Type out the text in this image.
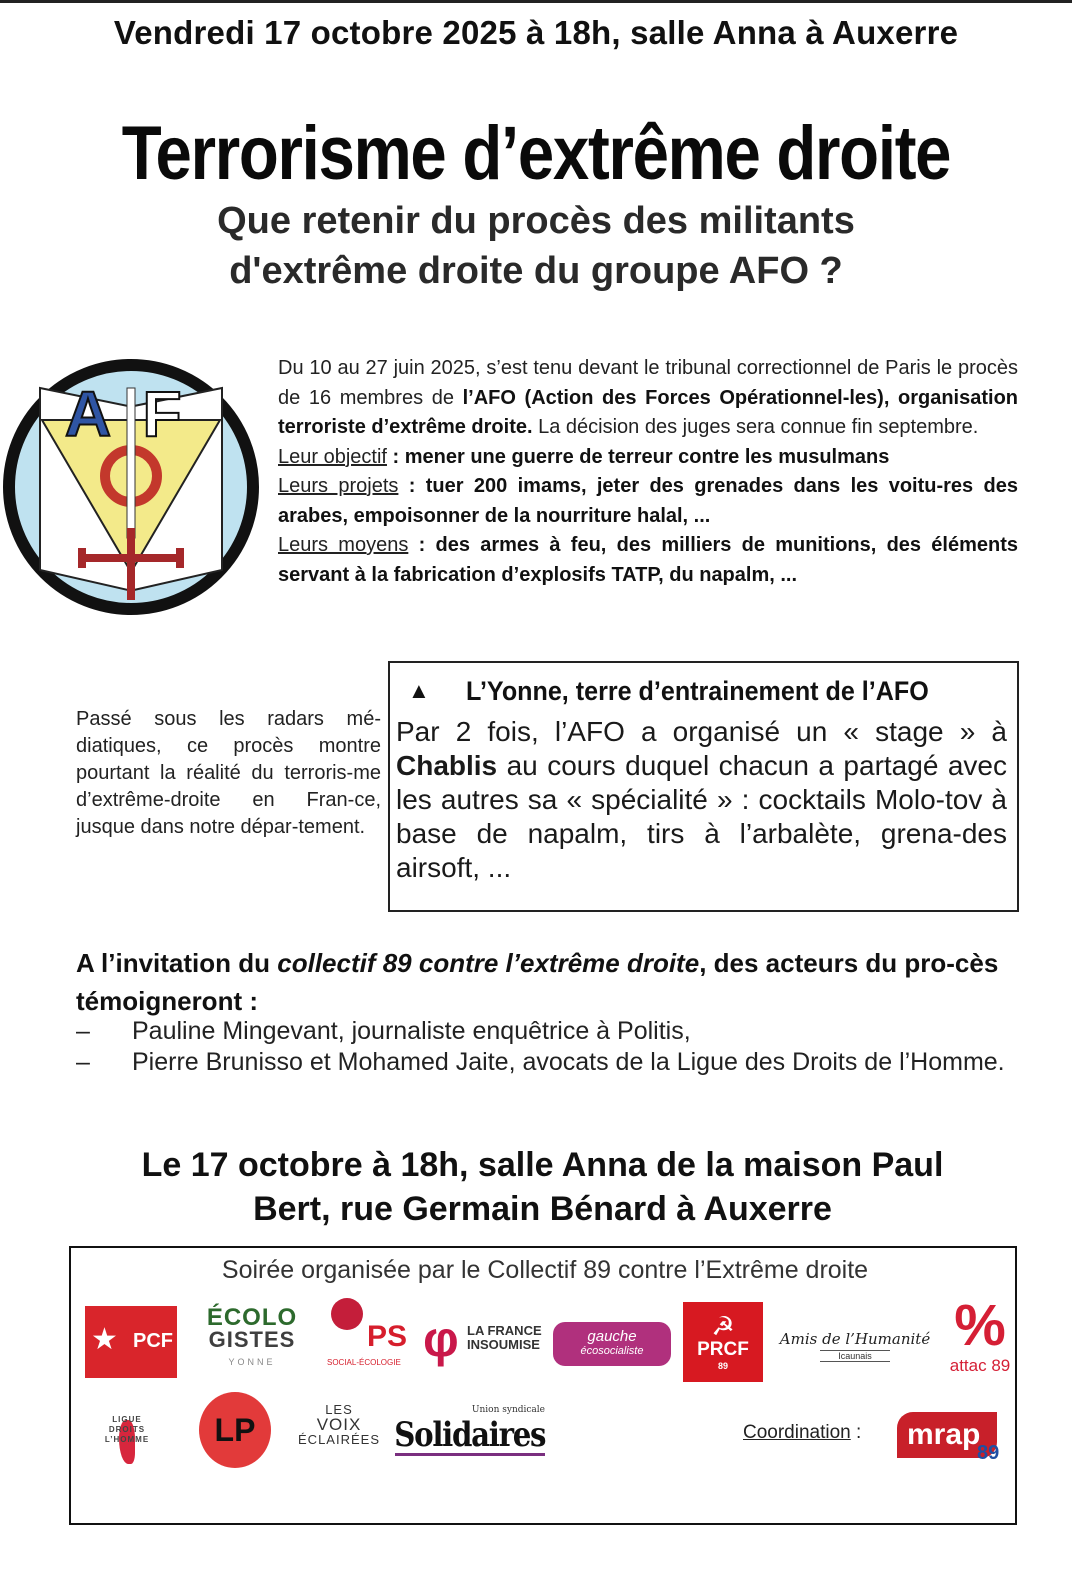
Vendredi 17 octobre 2025 à 18h, salle Anna à Auxerre
Terrorisme d’extrême droite
Que retenir du procès des militants
d'extrême droite du groupe AFO ?
A F

Du 10 au 27 juin 2025, s’est tenu devant le tribunal correctionnel de Paris le procès de 16 membres de l’AFO (Action des Forces Opérationnel-les), organisation terroriste d’extrême droite. La décision des juges sera connue fin septembre.

Leur objectif : mener une guerre de terreur contre les musulmans

Leurs projets : tuer 200 imams, jeter des grenades dans les voitu-res des arabes, empoisonner de la nourriture halal, ...

Leurs moyens : des armes à feu, des milliers de munitions, des éléments servant à la fabrication d’explosifs TATP, du napalm, ...

Passé sous les radars mé-diatiques, ce procès montre pourtant la réalité du terroris-me d’extrême-droite en Fran-ce, jusque dans notre dépar-tement.
▲ L’Yonne, terre d’entrainement de l’AFO
Par 2 fois, l’AFO a organisé un « stage » à Chablis au cours duquel chacun a partagé avec les autres sa « spécialité » : cocktails Molo-tov à base de napalm, tirs à l’arbalète, grena-des airsoft, ...
A l’invitation du collectif 89 contre l’extrême droite, des acteurs du pro-cès témoigneront :
– Pauline Mingevant, journaliste enquêtrice à Politis,
– Pierre Brunisso et Mohamed Jaite, avocats de la Ligue des Droits de l’Homme.
Le 17 octobre à 18h, salle Anna de la maison Paul
Bert, rue Germain Bénard à Auxerre
Soirée organisée par le Collectif 89 contre l’Extrême droite
★ PCF
ÉCOLO
GISTES
YONNE
PS
SOCIAL-ÉCOLOGIE φ LA FRANCE INSOUMISE	gauche
écosocialiste
☭
PRCF
89
Amis de l’Humanité
Icaunais	%
attac 89
LIGUE DROITS L’HOMME	LP
LES
VOIX
ÉCLAIRÉES
Union syndicale
Solidaires	Coordination : mrap
89
